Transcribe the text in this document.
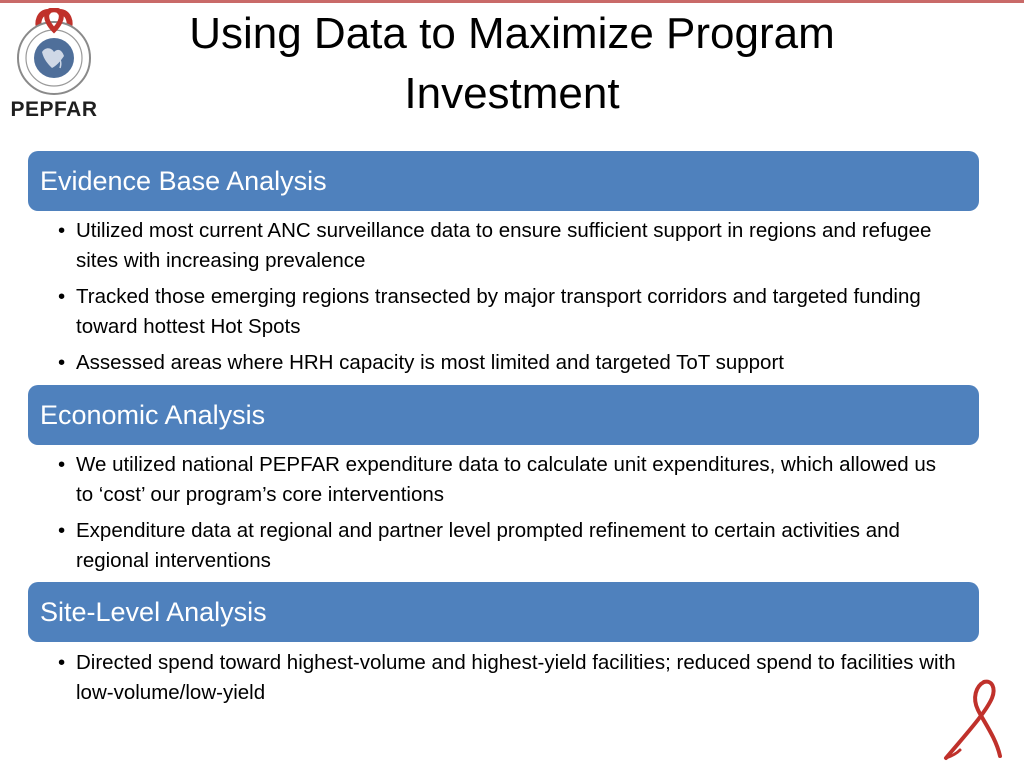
PEPFAR
Using Data to Maximize Program Investment
Evidence Base Analysis
• Utilized most current ANC surveillance data to ensure sufficient support in regions and refugee sites with increasing prevalence
• Tracked those emerging regions transected by major transport corridors and targeted funding toward hottest Hot Spots
• Assessed areas where HRH capacity is most limited and targeted ToT support
Economic Analysis
• We utilized national PEPFAR expenditure data to calculate unit expenditures, which allowed us to ‘cost’ our program’s core interventions
• Expenditure data at regional and partner level prompted refinement to certain activities and regional interventions
Site-Level Analysis
• Directed spend toward highest-volume and highest-yield facilities; reduced spend to facilities with low-volume/low-yield
